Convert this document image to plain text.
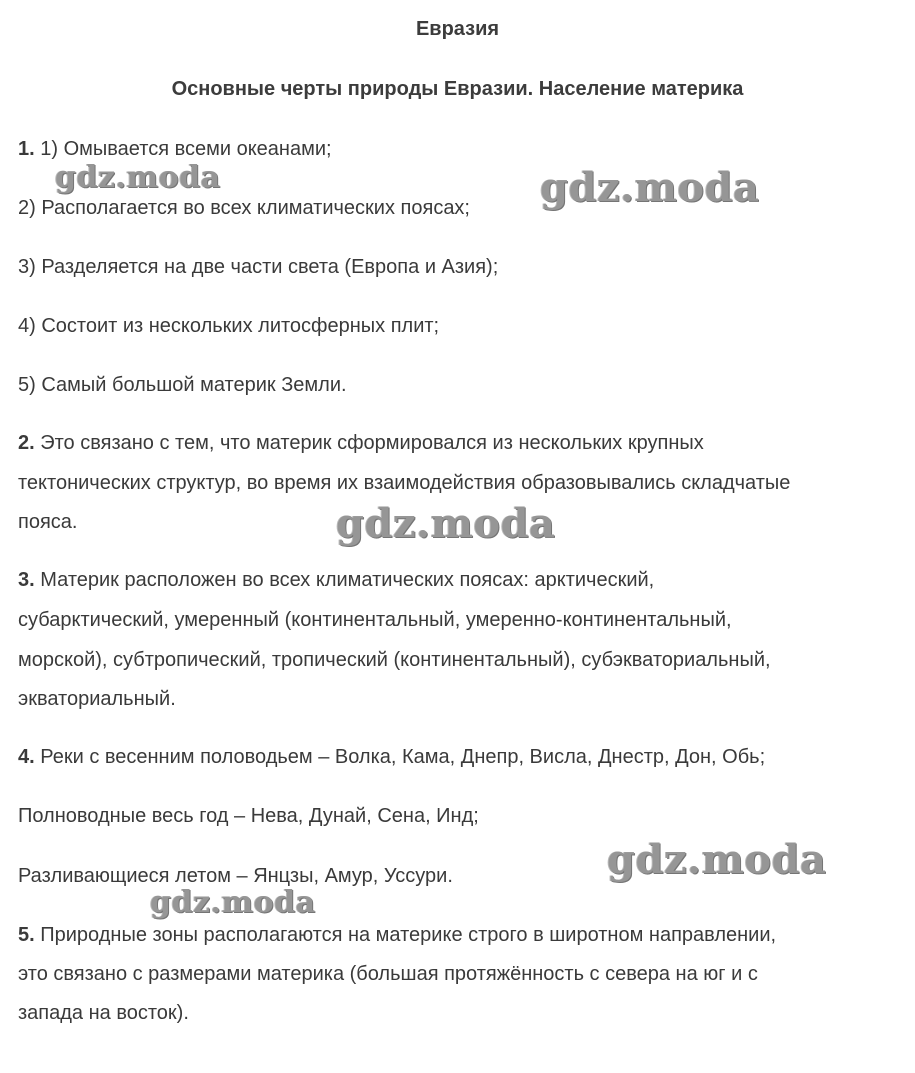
Евразия
Основные черты природы Евразии. Население материка
1. 1) Омывается всеми океанами;
2) Располагается во всех климатических поясах;
3) Разделяется на две части света (Европа и Азия);
4) Состоит из нескольких литосферных плит;
5) Самый большой материк Земли.
2. Это связано с тем, что материк сформировался из нескольких крупных
тектонических структур, во время их взаимодействия образовывались складчатые
пояса.
3. Материк расположен во всех климатических поясах: арктический,
субарктический, умеренный (континентальный, умеренно-континентальный,
морской), субтропический, тропический (континентальный), субэкваториальный,
экваториальный.
4. Реки с весенним половодьем – Волка, Кама, Днепр, Висла, Днестр, Дон, Обь;
Полноводные весь год – Нева, Дунай, Сена, Инд;
Разливающиеся летом – Янцзы, Амур, Уссури.
5. Природные зоны располагаются на материке строго в широтном направлении,
это связано с размерами материка (большая протяжённость с севера на юг и с
запада на восток).
gdz.moda	gdz.moda
gdz.moda
gdz.moda
gdz.moda
